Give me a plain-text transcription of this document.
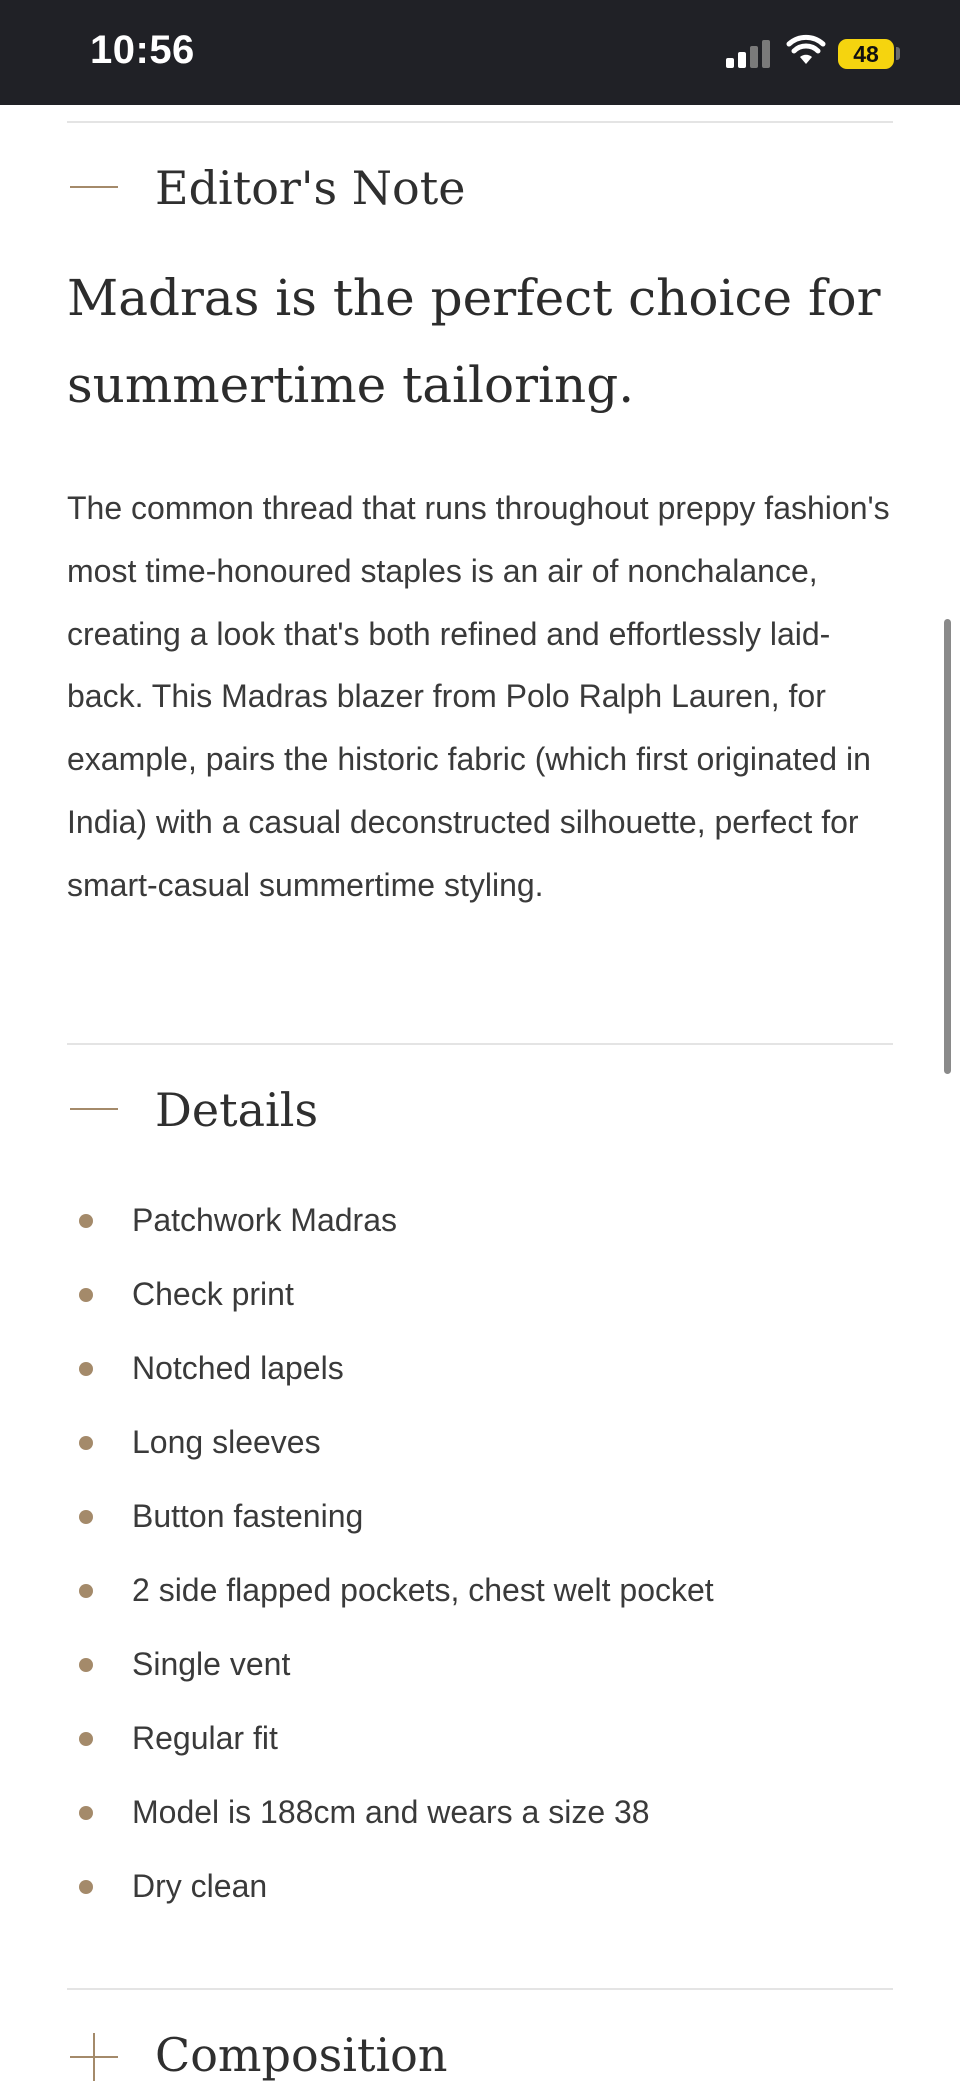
10:56	48
Editor's Note
Madras is the perfect choice for summertime tailoring.
The common thread that runs throughout preppy fashion's most time-honoured staples is an air of nonchalance, creating a look that's both refined and effortlessly laid-back. This Madras blazer from Polo Ralph Lauren, for example, pairs the historic fabric (which first originated in India) with a casual deconstructed silhouette, perfect for smart-casual summertime styling.
Details
Patchwork Madras
Check print
Notched lapels
Long sleeves
Button fastening
2 side flapped pockets, chest welt pocket
Single vent
Regular fit
Model is 188cm and wears a size 38
Dry clean
Composition
